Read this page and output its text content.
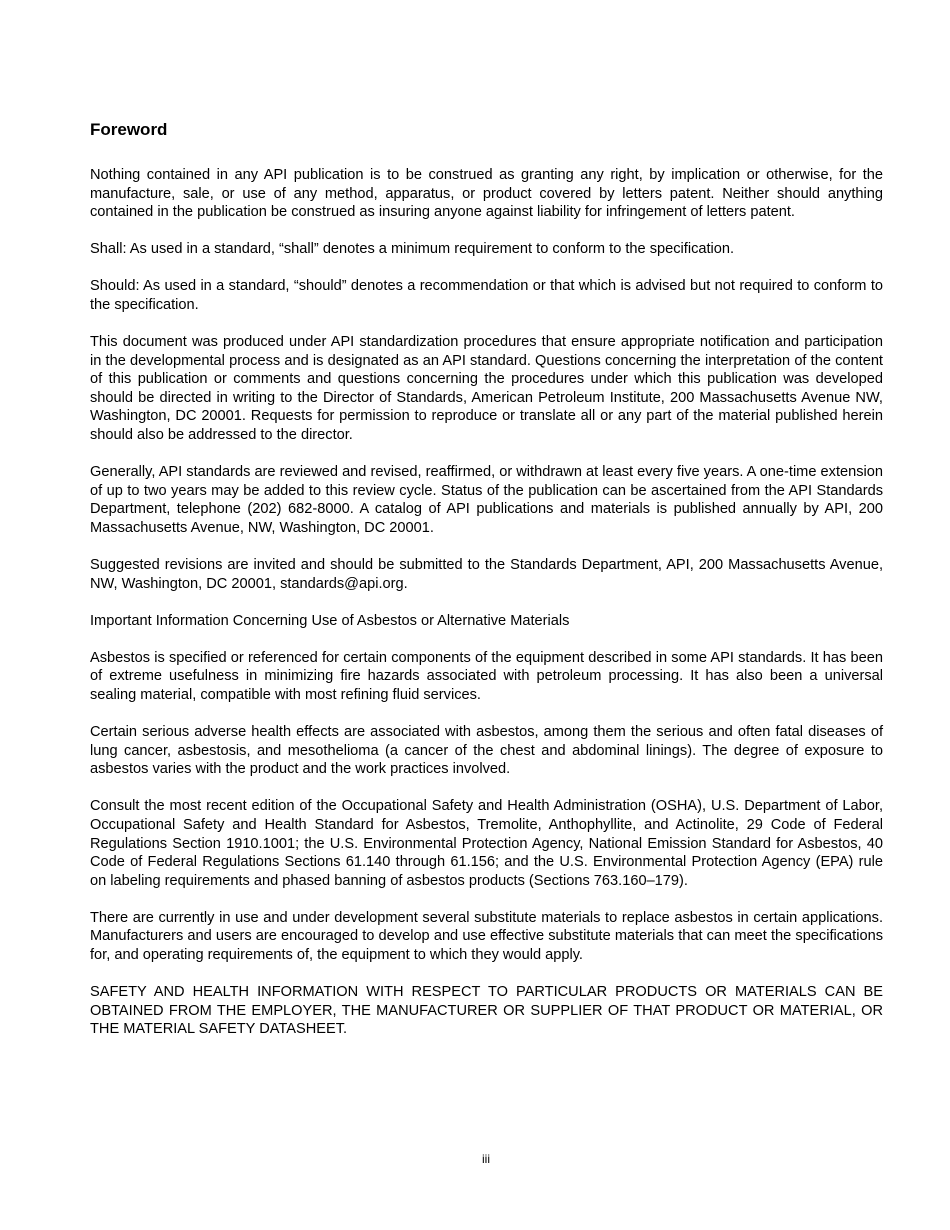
Foreword

Nothing contained in any API publication is to be construed as granting any right, by implication or otherwise, for the manufacture, sale, or use of any method, apparatus, or product covered by letters patent. Neither should anything contained in the publication be construed as insuring anyone against liability for infringement of letters patent.

Shall: As used in a standard, “shall” denotes a minimum requirement to conform to the specification.

Should: As used in a standard, “should” denotes a recommendation or that which is advised but not required to conform to the specification.

This document was produced under API standardization procedures that ensure appropriate notification and participation in the developmental process and is designated as an API standard. Questions concerning the interpretation of the content of this publication or comments and questions concerning the procedures under which this publication was developed should be directed in writing to the Director of Standards, American Petroleum Institute, 200 Massachusetts Avenue NW, Washington, DC 20001. Requests for permission to reproduce or translate all or any part of the material published herein should also be addressed to the director.

Generally, API standards are reviewed and revised, reaffirmed, or withdrawn at least every five years. A one-time extension of up to two years may be added to this review cycle. Status of the publication can be ascertained from the API Standards Department, telephone (202) 682-8000. A catalog of API publications and materials is published annually by API, 200 Massachusetts Avenue, NW, Washington, DC 20001.

Suggested revisions are invited and should be submitted to the Standards Department, API, 200 Massachusetts Avenue, NW, Washington, DC 20001, standards@api.org.

Important Information Concerning Use of Asbestos or Alternative Materials

Asbestos is specified or referenced for certain components of the equipment described in some API standards. It has been of extreme usefulness in minimizing fire hazards associated with petroleum processing. It has also been a universal sealing material, compatible with most refining fluid services.

Certain serious adverse health effects are associated with asbestos, among them the serious and often fatal diseases of lung cancer, asbestosis, and mesothelioma (a cancer of the chest and abdominal linings). The degree of exposure to asbestos varies with the product and the work practices involved.

Consult the most recent edition of the Occupational Safety and Health Administration (OSHA), U.S. Department of Labor, Occupational Safety and Health Standard for Asbestos, Tremolite, Anthophyllite, and Actinolite, 29 Code of Federal Regulations Section 1910.1001; the U.S. Environmental Protection Agency, National Emission Standard for Asbestos, 40 Code of Federal Regulations Sections 61.140 through 61.156; and the U.S. Environmental Protection Agency (EPA) rule on labeling requirements and phased banning of asbestos products (Sections 763.160–179).

There are currently in use and under development several substitute materials to replace asbestos in certain applications. Manufacturers and users are encouraged to develop and use effective substitute materials that can meet the specifications for, and operating requirements of, the equipment to which they would apply.

SAFETY AND HEALTH INFORMATION WITH RESPECT TO PARTICULAR PRODUCTS OR MATERIALS CAN BE OBTAINED FROM THE EMPLOYER, THE MANUFACTURER OR SUPPLIER OF THAT PRODUCT OR MATERIAL, OR THE MATERIAL SAFETY DATASHEET.

iii
